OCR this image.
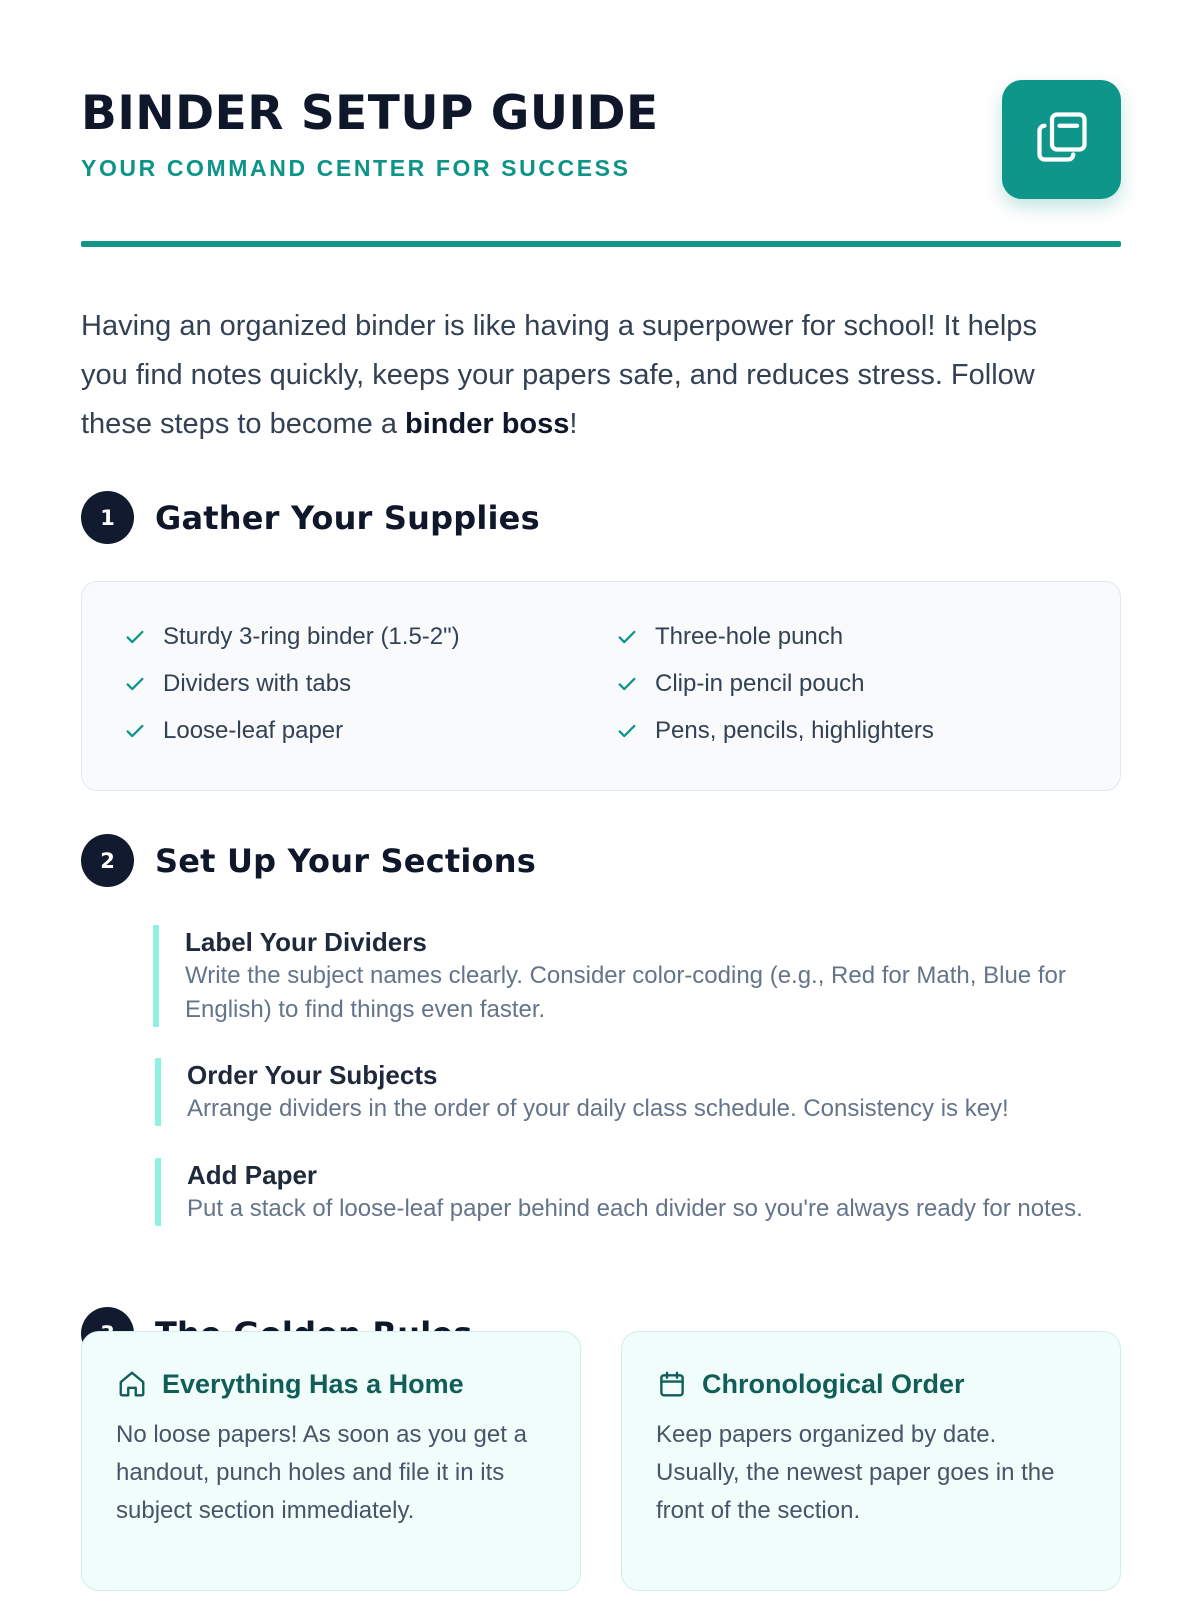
BINDER SETUP GUIDE
YOUR COMMAND CENTER FOR SUCCESS

Having an organized binder is like having a superpower for school! It helps you find notes quickly, keeps your papers safe, and reduces stress. Follow these steps to become a binder boss!

1	Gather Your Supplies
Sturdy 3-ring binder (1.5-2")
Dividers with tabs
Loose-leaf paper
Three-hole punch
Clip-in pencil pouch
Pens, pencils, highlighters
2	Set Up Your Sections
Label Your Dividers
Write the subject names clearly. Consider color-coding (e.g., Red for Math, Blue for English) to find things even faster.
Order Your Subjects
Arrange dividers in the order of your daily class schedule. Consistency is key!
Add Paper
Put a stack of loose-leaf paper behind each divider so you're always ready for notes.
Everything Has a Home
No loose papers! As soon as you get a handout, punch holes and file it in its subject section immediately.
Chronological Order
Keep papers organized by date. Usually, the newest paper goes in the front of the section.
